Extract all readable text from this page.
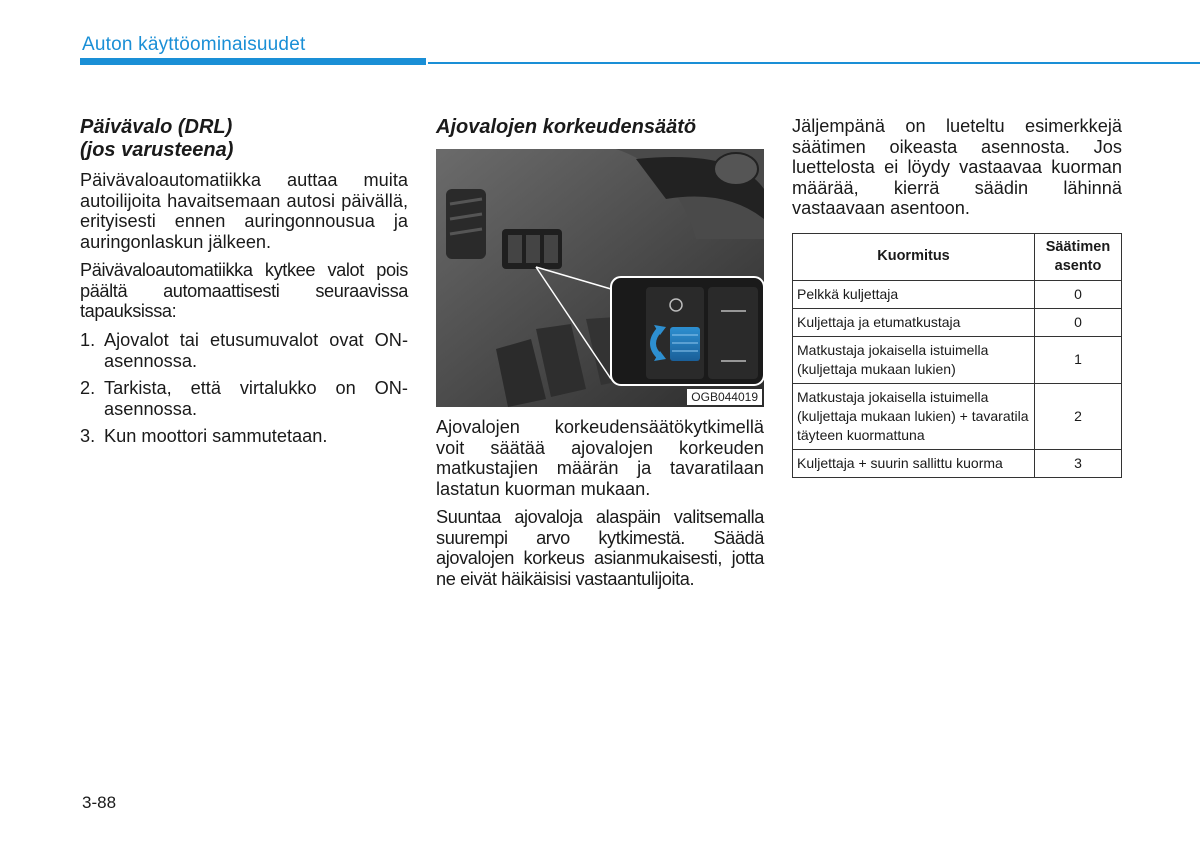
Auton käyttöominaisuudet
Päivävalo (DRL)
(jos varusteena)

Päivävaloautomatiikka auttaa muita autoilijoita havaitsemaan autosi päivällä, erityisesti ennen auringonnousua ja auringonlaskun jälkeen.

Päivävaloautomatiikka kytkee valot pois päältä automaattisesti seuraavissa tapauksissa:

1. Ajovalot tai etusumuvalot ovat ON-asennossa.
2. Tarkista, että virtalukko on ON-asennossa.
3. Kun moottori sammutetaan.
Ajovalojen korkeudensäätö
OGB044019

Ajovalojen korkeudensäätökytkimellä voit säätää ajovalojen korkeuden matkustajien määrän ja tavaratilaan lastatun kuorman mukaan.

Suuntaa ajovaloja alaspäin valitsemalla suurempi arvo kytkimestä. Säädä ajovalojen korkeus asianmukaisesti, jotta ne eivät häikäisisi vastaantulijoita.

Jäljempänä on lueteltu esimerkkejä säätimen oikeasta asennosta. Jos luettelosta ei löydy vastaavaa kuorman määrää, kierrä säädin lähinnä vastaavaan asentoon.

Kuormitus	Säätimen asento
Pelkkä kuljettaja	0
Kuljettaja ja etumatkustaja	0
Matkustaja jokaisella istuimella (kuljettaja mukaan lukien)	1
Matkustaja jokaisella istuimella (kuljettaja mukaan lukien) + tavaratila täyteen kuormattuna	2
Kuljettaja + suurin sallittu kuorma	3
3-88
